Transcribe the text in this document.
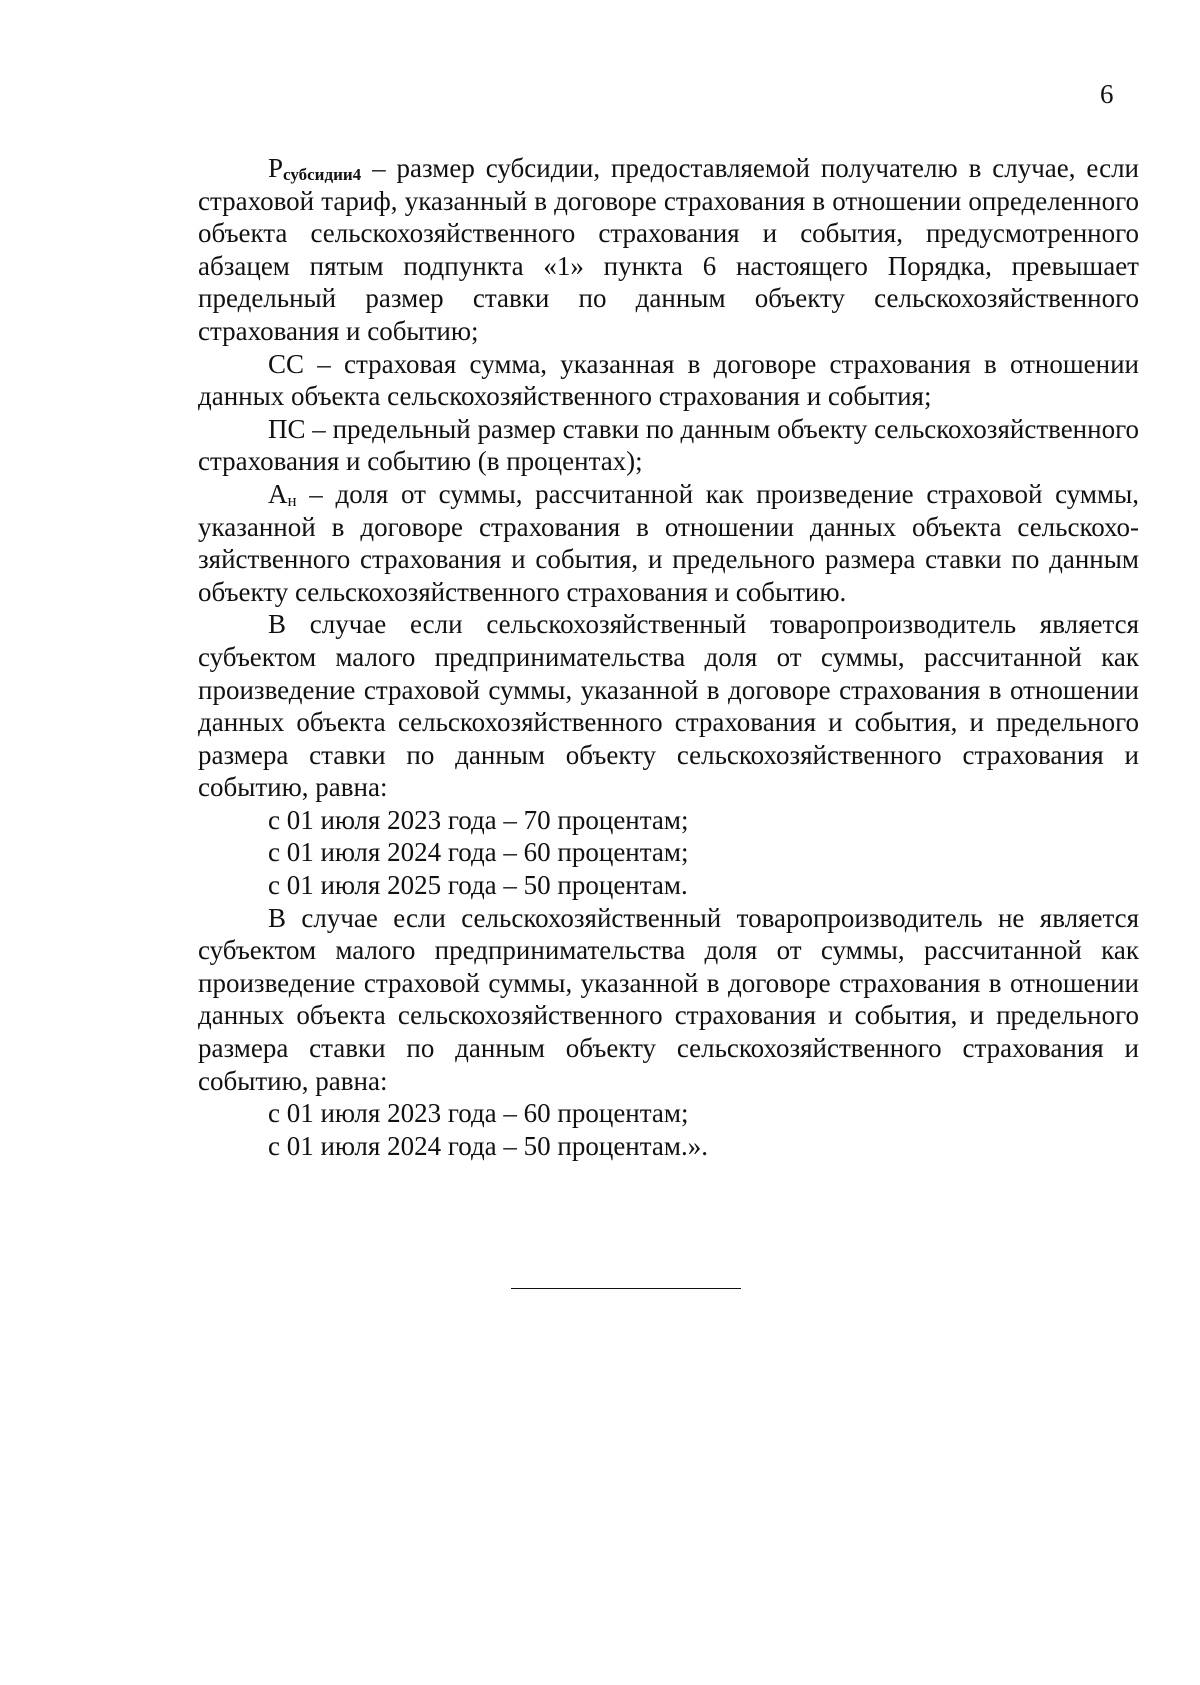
6

Pсубсидии4 – размер субсидии, предоставляемой получателю в случае, если страховой тариф, указанный в договоре страхования в отношении определенного объекта сельскохозяйственного страхования и события, предусмотренного абзацем пятым подпункта «1» пункта 6 настоящего Порядка, превышает предельный размер ставки по данным объекту сельскохозяйственного страхования и событию;

СС – страховая сумма, указанная в договоре страхования в отношении данных объекта сельскохозяйственного страхования и события;

ПС – предельный размер ставки по данным объекту сельскохозяйственного страхования и событию (в процентах);

Ан – доля от суммы, рассчитанной как произведение страховой суммы, указанной в договоре страхования в отношении данных объекта сельскохозяйственного страхования и события, и предельного размера ставки по данным объекту сельскохозяйственного страхования и событию.

В случае если сельскохозяйственный товаропроизводитель является субъектом малого предпринимательства доля от суммы, рассчитанной как произведение страховой суммы, указанной в договоре страхования в отношении данных объекта сельскохозяйственного страхования и события, и предельного размера ставки по данным объекту сельскохозяйственного страхования и событию, равна:

с 01 июля 2023 года – 70 процентам;

с 01 июля 2024 года – 60 процентам;

с 01 июля 2025 года – 50 процентам.

В случае если сельскохозяйственный товаропроизводитель не является субъектом малого предпринимательства доля от суммы, рассчитанной как произведение страховой суммы, указанной в договоре страхования в отношении данных объекта сельскохозяйственного страхования и события, и предельного размера ставки по данным объекту сельскохозяйственного страхования и событию, равна:

с 01 июля 2023 года – 60 процентам;

с 01 июля 2024 года – 50 процентам.».
